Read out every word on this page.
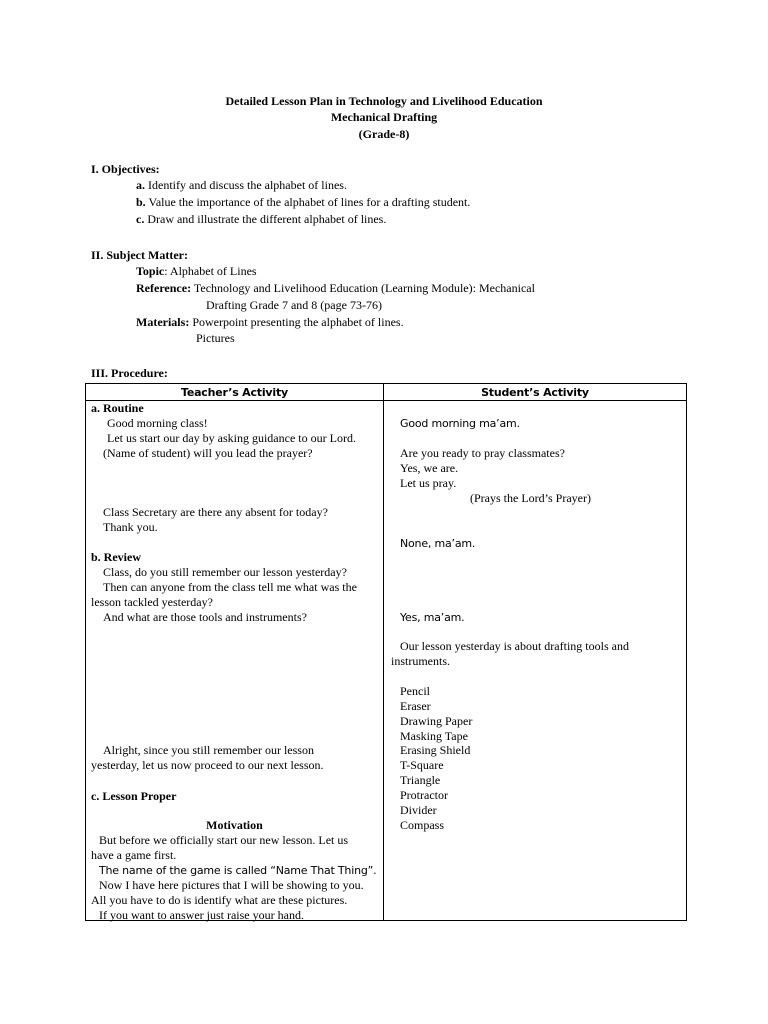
Detailed Lesson Plan in Technology and Livelihood Education
Mechanical Drafting
(Grade-8)
I. Objectives:
a. Identify and discuss the alphabet of lines.
b. Value the importance of the alphabet of lines for a drafting student.
c. Draw and illustrate the different alphabet of lines.
II. Subject Matter:
Topic: Alphabet of Lines
Reference: Technology and Livelihood Education (Learning Module): Mechanical
Drafting Grade 7 and 8 (page 73-76)
Materials: Powerpoint presenting the alphabet of lines.
Pictures
III. Procedure:
Teacher’s Activity	Student’s Activity
a. Routine
Good morning class!
Let us start our day by asking guidance to our Lord.
(Name of student) will you lead the prayer?
Class Secretary are there any absent for today?
Thank you.
b. Review
Class, do you still remember our lesson yesterday?
Then can anyone from the class tell me what was the
lesson tackled yesterday?
And what are those tools and instruments?
Alright, since you still remember our lesson
yesterday, let us now proceed to our next lesson.
c. Lesson Proper
Motivation
But before we officially start our new lesson. Let us
have a game first.
The name of the game is called “Name That Thing”.
Now I have here pictures that I will be showing to you.
All you have to do is identify what are these pictures.
If you want to answer just raise your hand.
Good morning ma’am.
Are you ready to pray classmates?
Yes, we are.
Let us pray.
(Prays the Lord’s Prayer)
None, ma’am.
Yes, ma’am.
Our lesson yesterday is about drafting tools and
instruments.
Pencil
Eraser
Drawing Paper
Masking Tape
Erasing Shield
T-Square
Triangle
Protractor
Divider
Compass
